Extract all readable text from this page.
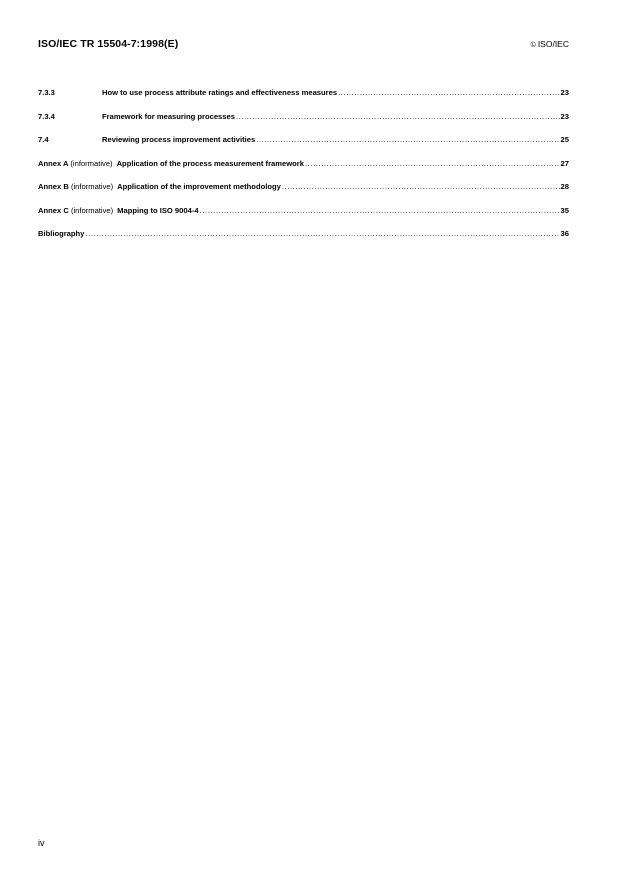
ISO/IEC TR 15504-7:1998(E)	© ISO/IEC
7.3.3	How to use process attribute ratings and effectiveness measures .....	23
7.3.4	Framework for measuring processes .....	23
7.4	Reviewing process improvement activities .....	25
Annex A (informative) Application of the process measurement framework .....	27
Annex B (informative) Application of the improvement methodology .....	28
Annex C (informative) Mapping to ISO 9004-4 .....	35
Bibliography .....	36
iv
